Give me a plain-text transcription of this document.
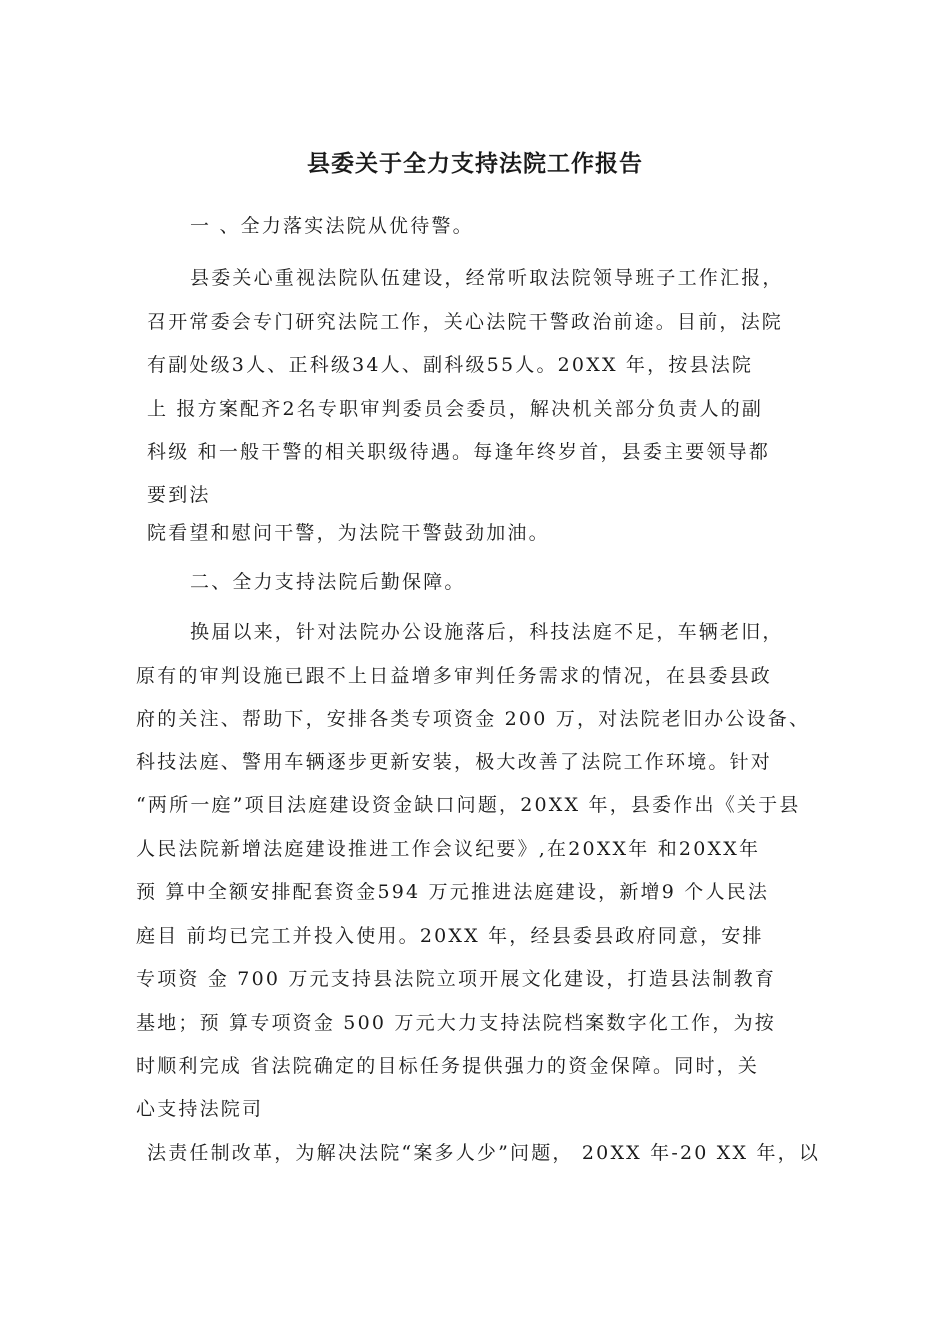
县委关于全力支持法院工作报告
一 、全力落实法院从优待警。
县委关心重视法院队伍建设，经常听取法院领导班子工作汇报，
召开常委会专门研究法院工作，关心法院干警政治前途。目前，法院
有副处级3人、正科级34人、副科级55人。20XX 年，按县法院
上 报方案配齐2名专职审判委员会委员，解决机关部分负责人的副
科级 和一般干警的相关职级待遇。每逢年终岁首，县委主要领导都
要到法
院看望和慰问干警，为法院干警鼓劲加油。
二、全力支持法院后勤保障。
换届以来，针对法院办公设施落后，科技法庭不足，车辆老旧，
原有的审判设施已跟不上日益增多审判任务需求的情况，在县委县政
府的关注、帮助下，安排各类专项资金 200 万，对法院老旧办公设备、
科技法庭、警用车辆逐步更新安装，极大改善了法院工作环境。针对
“两所一庭”项目法庭建设资金缺口问题，20XX 年，县委作出《关于县
人民法院新增法庭建设推进工作会议纪要》,在20XX年 和20XX年
预 算中全额安排配套资金594 万元推进法庭建设，新增9 个人民法
庭目 前均已完工并投入使用。20XX 年，经县委县政府同意，安排
专项资 金 700 万元支持县法院立项开展文化建设，打造县法制教育
基地；预 算专项资金 500 万元大力支持法院档案数字化工作，为按
时顺利完成 省法院确定的目标任务提供强力的资金保障。同时，关
心支持法院司
法责任制改革，为解决法院“案多人少”问题， 20XX 年-20 XX 年，以
